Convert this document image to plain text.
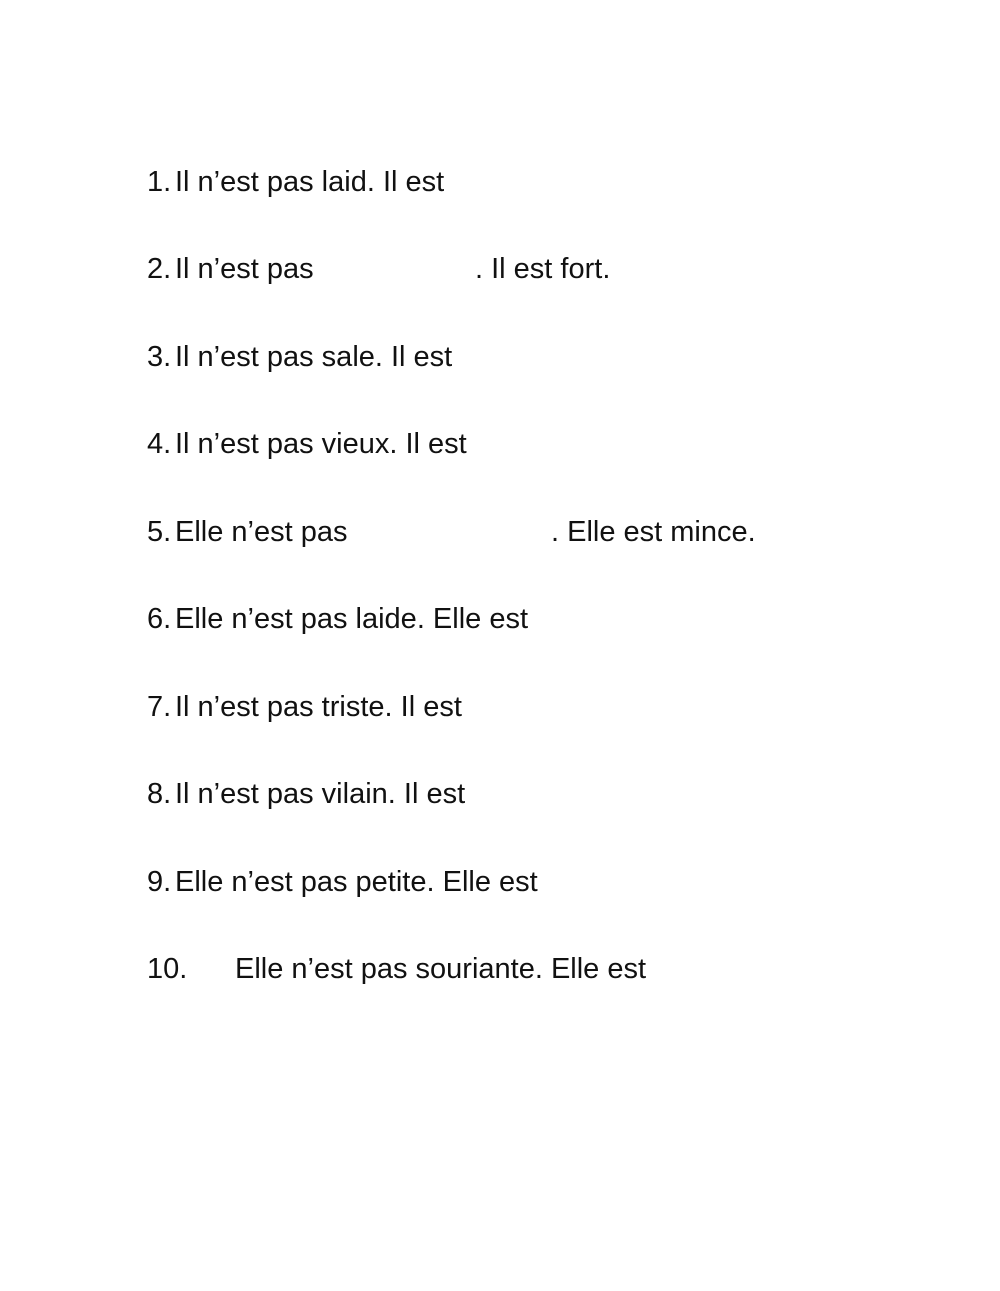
1.

Il n’est pas laid. Il est

2.

Il n’est pas

	. Il est fort.

3.

Il n’est pas sale. Il est

4.

Il n’est pas vieux. Il est

5.

Elle n’est pas

	. Elle est mince.

6.

Elle n’est pas laide. Elle est

7.

Il n’est pas triste. Il est

8.

Il n’est pas vilain. Il est

9.

Elle n’est pas petite. Elle est

10.

Elle n’est pas souriante. Elle est
